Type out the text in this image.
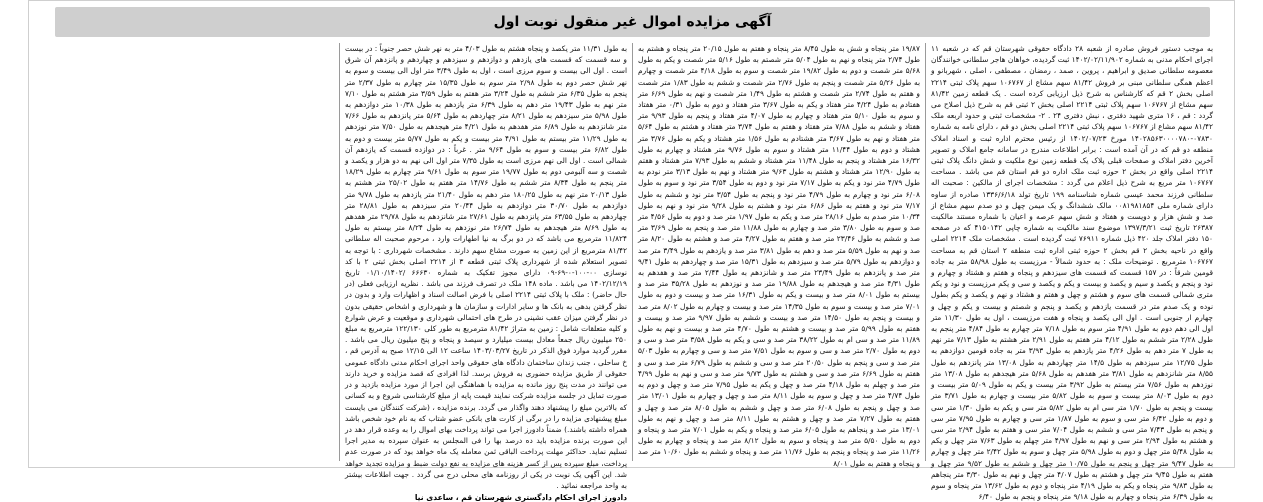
آگهی مزایده اموال غیر منقول نوبت اول

به موجب دستور فروش صادره از شعبه ۲۸ دادگاه حقوقی شهرستان قم که در شعبه ۱۱ اجرای احکام مدنی به شماره ۱۴۰۲/۰۲/۱۱/۹۰۲ ثبت گردیده، خواهان هاجر سلطانی خوانندگان معصومه سلطانی صدیق و ابراهیم ، پروین ، صمد ، رمضان ، مصطفی ، اصلی ، شهربانو و اعظم همگی سلطانی مبنی بر فروش ۸۱/۴۲ سهم مشاع از ۱۰۶۷۶۷ سهم پلاک ثبتی ۲۲۱۴ اصلی بخش ۲ قم که کارشناس به شرح ذیل ارزیابی کرده است . یک قطعه زمین ۸۱/۴۲ سهم مشاع از ۱۰۶۷۶۷ سهم پلاک ثبتی ۲۲۱۴ اصلی بخش ۲ ثبتی قم به شرح ذیل اصلاح می گردد : قم ، ۱۶ متری شهید دفتری ، نبش دفتری ۲۴ . ۲- مشخصات ثبتی و حدود اربعه ملک ۸۱/۴۲ سهم مشاع از ۱۰۶۷۶۷ سهم پلاک ثبتی ۲۲۱۴ اصلی بخش دو قم ، دارای نامه به شماره ۰۷۸۳۰-۱۴۰۲۸۵۶۳۰۰۰۰۷۸۰ مورخ ۱۴۰۲/۰۷/۲۳ از رئیس محترم اداره ثبت و اسناد املاک منطقه دو قم که در آن آمده است : برابر اطلاعات مندرج در سامانه جامع املاک و تصویر آخرین دفتر املاک و صفحات قبلی پلاک یک قطعه زمین نوع ملکیت و شش دانگ پلاک ثبتی ۲۲۱۴ اصلی واقع در بخش ۲ حوزه ثبت ملک اداره دو قم استان قم می باشد . مساحت ۱۰۶۷۶۷ متر مربع به شرح ذیل اعلام می گردد : مشخصات اجرای از مالکین : صحبت اله سلطانی فرزند محمد عیسی شماره شناسنامه ۱۹۹ تاریخ تولد ۱۳۳۶/۶/۱۸ صادره از ساوه دارای شماره ملی ۰۰۸۱۹۸۱۸۵۴ مالک ششدانگ و یک میمن چهل و دو صدم سهم مشاع از صد و شش هزار و دویست و هفتاد و شش سهم عرصه و اعیان با شماره مستند مالکیت ۲۶۳۸۷ تاریخ ثبت ۱۳۹۷/۳/۲۱ موضوع سند مالکیت به شماره چاپی ۴۱۵۰۱۴۲ که در صفحه ۱۵۰ دفتر املاک جلد ۴۲۰ ذیل شماره ۷۶۹۱۱ ثبت گردیده است . مشخصات ملک ۲۲۱۴ اصلی واقع در ناحیه بخش ۲ قم بخش ۲ حوزه ثبتی اداره ثبت منطقه ۲ استان قم به مساحت ۱۰۶۷۶۷ مترمربع . توضیحات ملک : به حدود شمالاً - مرزیست به طول ۵۸/۹۸ متر به جاده قومین شرقاً : در ۱۵۷ قسمت که قسمت های سیزدهم و پنجاه و هفتم و هشتاد و چهارم و نود و پنجم و یکصد و سیم و یکصد و بیست و یکم و یکصد و سی و یکم مرزیست و نود و یکم متری شمالی قسمت های سوم و هشتم و چهل و هفتم و هشتاد و نهم و یکصد و یکم بطول نوده و یک صدم متر در قسمت یازدهم و یکصد و پنجم و شصتم و بیست و یکم و چهل و چهارم ار جنوبی است . اول الی یکصد و پنجاه و هفت مرزیست ، اول به طول ۱۱/۳۰ متر اول الی دهم دوم به طول ۴/۹۱ متر سوم به طول ۷/۱۸ متر چهارم به طول ۴/۸۴ متر پنجم به طول ۲/۲۸ متر ششم به طول ۴/۱۲ متر هفتم به طول ۲/۹۱ متر هشتم به طول ۷/۱۳ متر نهم به طول ۷ متر دهم به طول ۴/۲۶ متر یازدهم به طول ۳/۹۳ متر به جاده قومین دوازدهم به طول ۱۲/۷۵ متر سیزدهم به طول ۱۴/۵ متر چهاردهم به طول ۱۳/۰۸ متر پانزدهم به طول ۸/۵۵ متر شانزدهم به طول ۳/۸۱ متر هفدهم به طول ۵/۶۸ متر هیجدهم به طول ۱۳/۰۸ متر نوزدهم به طول ۷/۵۶ متر بیستم به طول ۳/۹۲ متر بیست و یکم به طول ۵/۰۹ متر بیست و دوم به طول ۸/۰۳ متر بیست و سوم به طول ۵/۸۲ متر بیست و چهارم به طول ۳/۷۱ متر بیست و پنجم به طول ۱/۷۰ متر سی ام به طول ۵/۸۲ متر سی و یکم به طول ۱/۳۰ متر سی و دوم به طول ۶/۴۲ متر سی و سوم به طول ۱/۸۷ متر سی و چهارم به طول ۷/۹۵ متر سی و پنجم به طول ۷/۴۳ متر سی و ششم به طول ۷/۰۴ متر سی و هفتم به طول ۲/۹۴ متر سی و هشتم به طول ۲/۹۴ متر سی و نهم به طول ۴/۹۷ متر چهلم به طول ۷/۶۳ متر چهل و یکم به طول ۵/۴۸ متر چهل و دوم به طول ۵/۹۸ متر چهل و سوم به طول ۲/۴۲ متر چهل و چهارم به طول ۹/۴۷ متر چهل و پنجم به طول ۱۰/۷۵ متر چهل و ششم به طول ۹/۵۲ متر چهل و هفتم به طول ۹/۴۵ متر چهل و هشتم به طول ۴/۰۷ متر چهل و نهم به طول ۳/۳۰ متر پنجاهم به طول ۹/۸۳ متر پنجاه و یکم به طول ۴/۱۹ متر پنجاه و دوم به طول ۱۳/۶۲ متر پنجاه و سوم به طول ۶/۳۹ متر پنجاه و چهارم به طول ۹/۱۸ متر پنجاه و پنجم به طول ۶/۴۰

۱۹/۸۷ متر پنجاه و شش به طول ۸/۴۵ متر پنجاه و هفتم به طول ۲۰/۱۵ متر پنجاه و هشتم به طول ۲/۷۴ متر پنجاه و نهم به طول ۵/۰۴ متر شصتم به طول ۵/۱۶ متر شصت و یکم به طول ۵/۶۸ متر شصت و دوم به طول ۱۹/۸۲ متر شصت و سوم به طول ۴/۱۸ متر شصت و چهارم به طول ۵/۲۶ متر شصت و پنجم به طول ۲/۷۶ متر شصت و ششم به طول ۱/۸۳ متر شصت و هفتم به طول ۲/۷۴ متر شصت و هشتم به طول ۱/۴۹ متر شصت و نهم به طول ۶/۶۹ متر هفتادم به طول ۴/۲۴ متر هفتاد و یکم به طول ۳/۶۷ متر هفتاد و دوم به طول ۰/۳۱ متر هفتاد و سوم به طول ۵/۱۰ متر هفتاد و چهارم به طول ۴/۰۷ متر هفتاد و پنجم به طول ۹/۹۳ متر هفتاد و ششم به طول ۷/۸۸ متر هفتاد و هفتم به طول ۳/۷۴ متر هفتاد و هشتم به طول ۵/۶۴ متر هفتاد و نهم به طول ۳/۶۷ متر هشتادم به طول ۱/۵۶ متر هشتاد و یکم به طول ۳/۷۶ متر هشتاد و دوم به طول ۱۱/۴۴ متر هشتاد و سوم به طول ۹/۷۶ متر هشتاد و چهارم به طول ۱۶/۳۲ متر هشتاد و پنجم به طول ۱۱/۴۸ متر هشتاد و ششم به طول ۷/۹۳ متر هشتاد و هفتم به طول ۱۲/۹۰ متر هشتاد و هشتم به طول ۹/۶۳ متر هشتاد و نهم به طول ۳/۱۳ متر نودم به طول ۴/۷۹ متر نود و یکم به طول ۷/۱۷ متر نود و دوم به طول ۳/۵۴ متر نود و سوم به طول ۶/۰۸ متر نود و چهارم به طول ۴/۷۹ متر نود و پنجم به طول ۳/۵۴ متر نود و ششم به طول ۷/۱۷ متر نود و هفتم به طول ۶/۸۶ متر نود و هشتم به طول ۹/۲۸ متر نود و نهم به طول ۱۰/۳۴ متر صدم به طول ۲۸/۱۶ متر صد و یکم به طول ۱/۹۷ متر صد و دوم به طول ۴/۵۶ متر صد و سوم به طول ۳/۸۰ متر صد و چهارم به طول ۱۱/۸۸ متر صد و پنجم به طول ۳/۶۹ متر صد و ششم به طول ۲۳/۴۶ متر صد و هفتم به طول ۴/۲۷ متر صد و هشتم به طول ۸/۲۰ متر صد و نهم به طول ۵/۵۹ متر صد و دهم به طول ۳/۸۱ متر صد و یازدهم به طول ۳/۴۹ متر صد و دوازدهم به طول ۵/۷۹ متر صد و سیزدهم به طول ۱۵/۳۱ متر صد و چهاردهم به طول ۹/۴۱ متر صد و پانزدهم به طول ۲۳/۴۹ متر صد و شانزدهم به طول ۲/۴۴ متر صد و هفدهم به طول ۴/۳۱ متر صد و هیجدهم به طول ۱۹/۸۸ متر صد و نوزدهم به طول ۳۵/۲۸ متر صد و بیستم به طول ۸/۰۱ متر صد و بیست و یکم به طول ۱۶/۳۱ متر صد و بیست و دوم به طول ۷/۰۱ متر صد و بیست و سوم به طول ۱۴/۳۵ متر صد و بیست و چهارم به طول ۸/۰۲ متر صد و بیست و پنجم به طول ۱۴/۵۰ متر صد و بیست و ششم به طول ۹/۹۷ متر صد و بیست و هفتم به طول ۵/۹۹ متر صد و بیست و هشتم به طول ۴/۷۰ متر صد و بیست و نهم به طول ۱۱/۸۹ متر صد و سی ام به طول ۳۸/۲۲ متر صد و سی و یکم به طول ۳/۵۸ متر صد و سی و دوم به طول ۲/۷۰ متر صد و سی و سوم به طول ۷/۵۱ متر صد و سی و چهارم به طول ۵/۰۳ متر صد و سی و پنجم به طول ۲۰/۵۰ متر صد و سی و ششم به طول ۶/۷۹ متر صد و سی و هفتم به طول ۶/۶۹ متر صد و سی و هشتم به طول ۹/۷۳ متر صد و سی و نهم به طول ۴/۹۹ متر صد و چهلم به طول ۴/۱۸ متر صد و چهل و یکم به طول ۷/۹۵ متر صد و چهل و دوم به طول ۴/۷۴ متر صد و چهل و سوم به طول ۸/۱۱ متر صد و چهل و چهارم به طول ۱۳/۰۱ متر صد و چهل و پنجم به طول ۶/۰۸ متر صد و چهل و ششم به طول ۸/۰۵ متر صد و چهل و هفتم به طول ۷/۲۷ متر صد و چهل و هشتم به طول ۸/۱۱ متر صد و چهل و نهم به طول ۱۳/۰۱ متر صد و پنجاهم به طول ۶/۰۵ متر صد و پنجاه و یکم به طول ۷/۰۱ متر صد و پنجاه و دوم به طول ۵/۵۰ متر صد و پنجاه و سوم به طول ۸/۱۲ متر صد و پنجاه و چهارم به طول ۱۱/۲۶ متر صد و پنجاه و پنجم به طول ۱۱/۷۶ متر صد و پنجاه و ششم به طول ۱۰/۶۰ متر صد و پنجاه و هفتم به طول ۸/۰۱

به طول ۱۱/۳۱ متر یکصد و پنجاه هشتم به طول ۴/۰۳ متر به نهر شش حصر جنوباً : در بیست و سه قسمت که قسمت های یازدهم و دوازدهم و سیزدهم و چهاردهم و پانزدهم آن شرق است . اول الی بیست و سوم مرزی است ، اول به طول ۳/۴۹ متر اول الی بیست و سوم به نهر شش حصر دوم به طول ۲/۹۸ متر سوم به طول ۱۵/۳۵ متر چهارم به طول ۲/۳۷ متر پنجم به طول ۶/۳۵ متر ششم به طول ۳/۲۴ متر هفتم به طول ۳/۵۹ متر هشتم به طول ۷/۱۰ متر نهم به طول ۱۹/۴۳ متر دهم به طول ۶/۳۹ متر یازدهم به طول ۱۰/۳۸ متر دوازدهم به طول ۵/۹۸ متر سیزدهم به طول ۸/۲۱ متر چهاردهم به طول ۵/۶۴ متر پانزدهم به طول ۷/۶۶ متر شانزدهم به طول ۶/۸۹ متر هفدهم به طول ۴/۲۱ متر هیجدهم به طول ۷/۵۰ متر نوزدهم به طول ۱۱/۲۹ متر بیستم به طول ۴/۹۱ متر بیست و یکم به طول ۵/۷۷ متر بیست و دوم به طول ۶/۸۲ متر بیست و سوم به طول ۹/۶۴ متر . غرباً : در دوازده قسمت که یازدهم آن شمالی است . اول الی نهم مرزی است به طول ۷/۳۵ متر اول الی نهم به دو هزار و یکصد و شصت و سه آلبومی دوم به طول ۱۹/۷۷ متر سوم به طول ۹/۶۱ متر چهارم به طول ۱۸/۲۹ متر پنجم به طول ۸/۳۴ متر ششم به طول ۱۴/۷۶ متر هفتم به طول ۲۵/۰۲ متر هشتم به طول ۲۰/۱۳ متر نهم به طول ۱۸۰/۲۵ متر دهم به طول ۲۱/۴۰ متر یازدهم به طول ۹/۷۸ متر دوازدهم به طول ۳۰/۷۰ متر دوازدهم به طول ۲۰/۴۴ متر سیزدهم به طول ۲۸/۸۱ متر چهاردهم به طول ۶۳/۵۵ متر پانزدهم به طول ۲۷/۶۱ متر شانزدهم به طول ۲۹/۷۸ متر هفدهم به طول ۸/۶۹ متر هیجدهم به طول ۲۶/۷۴ متر نوزدهم به طول ۸/۲۴ متر بیستم به طول ۱۱/۸۲۴ مترمربع می باشد که در دو برگ به نیا اطهارات وارد ، مرحوم صحبت اله سلطانی ۸۱/۴۲ مترمربع از این زمین به صورت مشاع سهم دارند . مشخصات شهرداری : با توجه به تصویر استعلام شده از شهرداری پلاک ثبتی قطعه ۳ از ۲۲۱۴ اصلی بخش ثبتی ۲ با کد نوسازی ۰۰-۱۰۰-۰-۶۹-۰۹ دارای مجوز تفکیک به شماره ۶۶۶۳۰ /۰۱/۱۰/۱۴۰۲ تاریخ ۱۴۰۲/۱۲/۱۹ می باشد . ماده ۱۴۸ ملک در تصرف فرزند می باشد . نظریه ارزیابی فعلی (در حال حاضر) : ملک با پلاک ثبتی ۲۲۱۴ اصلی با فرض اصالت اسناد و اظهارات وارد و بدون در نظر گرفتن بدهی به بانک ها و سایر ادارات و سازمان ها و شهرداری و اشخاص حقیقی بدون در نظر گرفتن میزان عقب نشینی در طرح های احتمالی شهرداری و موقعیت و عرض شوارع و کلیه متعلقات شامل : زمین به متراژ ۸۱/۴۲ مترمربع به طور کلی ۱۲۲/۱۳۰ مترمربع به مبلغ ۲۵۰ میلیون ریال جمعاً معادل بیست میلیارد و سیصد و پنجاه و پنج میلیون ریال می باشد . مقرر گردید موارد فوق الذکر در تاریخ ۱۴۰۳/۰۳/۲۷ ساعت ۱۲ الی ۱۲/۱۵ صبح به آدرس قم ، خ ساحلی ، جنب زندان ساختمان دادگاه های حقوقی واحد اجرای احکام مدنی دادگاه عمومی حقوقی از طریق مزایده حضوری به فروش برسد. لذا افرادی که قصد مزایده و خرید دارند می توانند در مدت پنج روز مانده به مزایده با هماهنگی این اجرا از مورد مزایده بازدید و در صورت تمایل در جلسه مزایده شرکت نمایند قیمت پایه از مبلغ کارشناسی شروع و به کسانی که بالاترین مبلغ را پیشنهاد دهند واگذار می گردد. برنده مزایده ، (شرکت کنندگان می بایست مبلغ پیشنهادی مزایده را در برگی از کارت های بانکی عضو شتاب که به نام خود شخص باشد همراه داشته باشند.) ضمناً دادورز اجرا می تواند پرداخت بهای اموال را به وعده قرار دهد در این صورت برنده مزایده باید ده درصد بها را فی المجلس به عنوان سپرده به مدیر اجرا تسلیم نماید. حداکثر مهلت پرداخت الباقی ثمن معامله یک ماه خواهد بود که در صورت عدم پرداخت، مبلغ سپرده پس از کسر هزینه های مزایده به نفع دولت ضبط و مزایده تجدید خواهد شد. این آگهی یک نوبت در یکی از روزنامه های محلی درج می گردد . جهت اطلاعات بیشتر به واحد مراجعه نمائید .

دادورز اجرای احکام دادگستری شهرستان قم ، ساعدی نیا
